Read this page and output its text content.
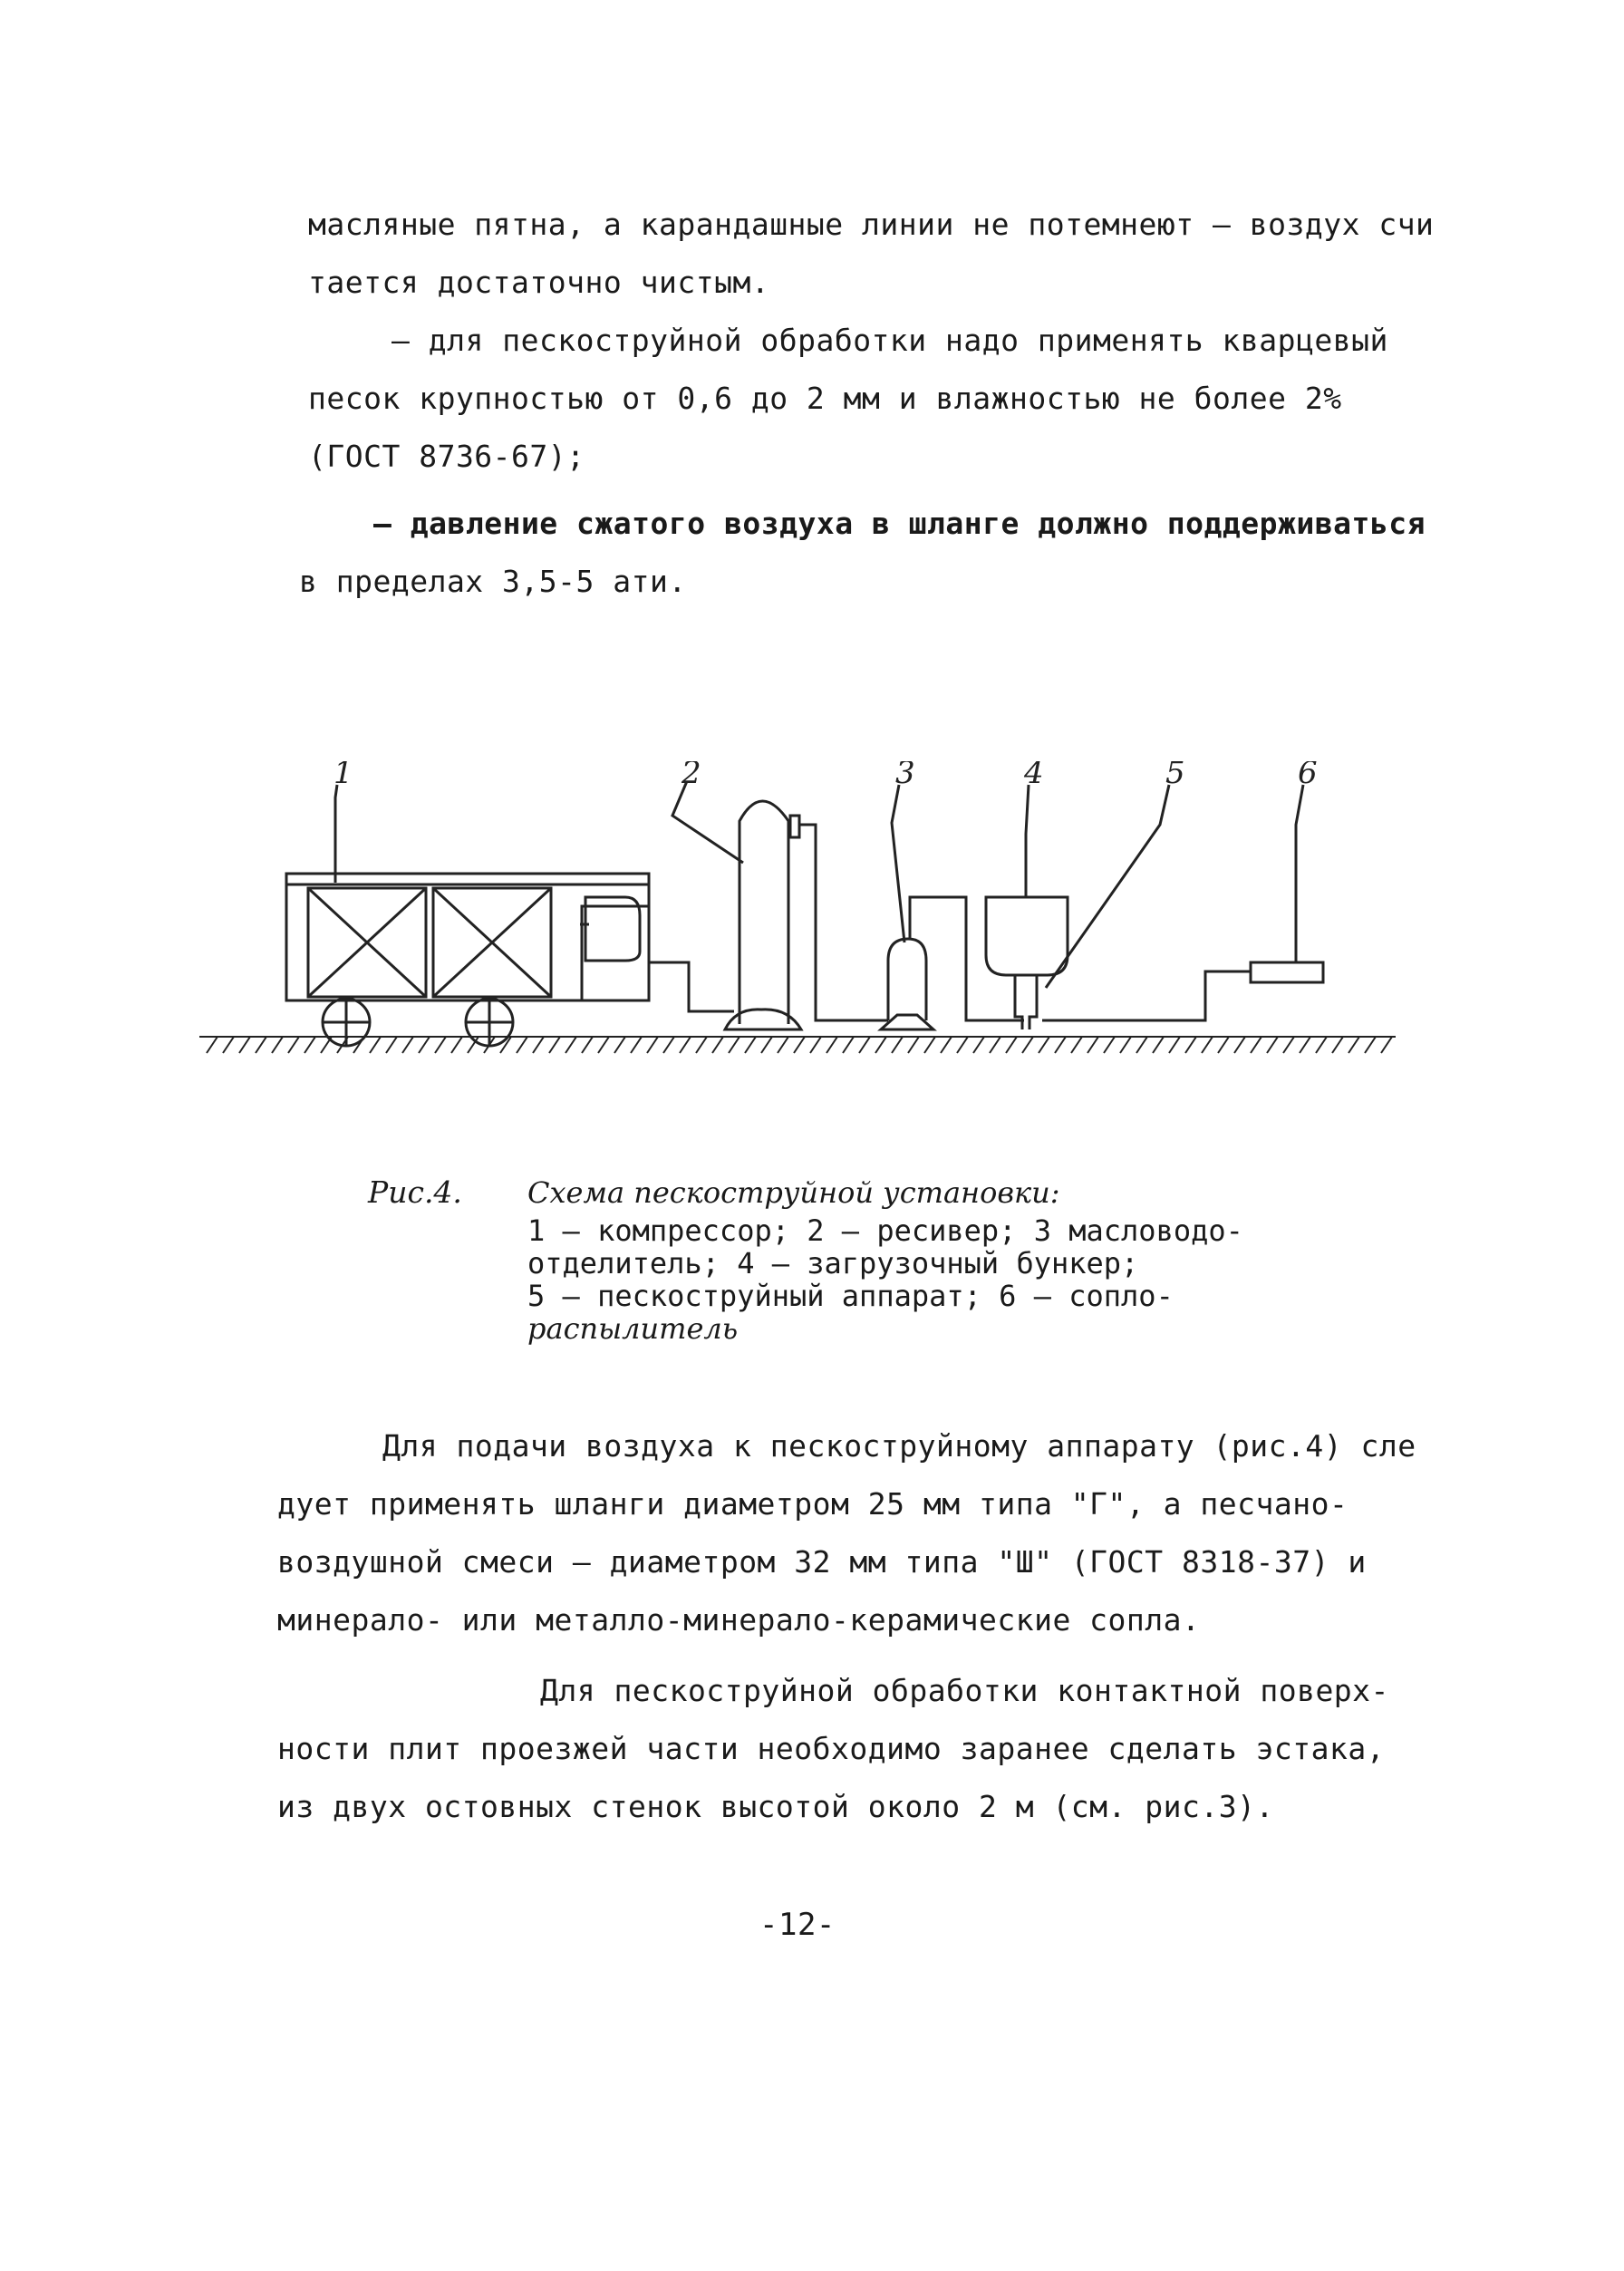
масляные пятна, а карандашные линии не потемнеют – воздух счи
тается достаточно чистым.
– для пескоструйной обработки надо применять кварцевый
песок крупностью от 0,6 до 2 мм и влажностью не более 2%
(ГОСТ 8736-67);
– давление сжатого воздуха в шланге должно поддерживаться
в пределах 3,5-5 ати.
1	2	3	4	5	6
Рис.4. Схема пескоструйной установки:
1 – компрессор; 2 – ресивер; 3 масловодо-
отделитель; 4 – загрузочный бункер;
5 – пескоструйный аппарат; 6 – сопло-
распылитель
Для подачи воздуха к пескоструйному аппарату (рис.4) сле
дует применять шланги диаметром 25 мм типа "Г", а песчано-
воздушной смеси – диаметром 32 мм типа "Ш" (ГОСТ 8318-37) и
минерало- или металло-минерало-керамические сопла.
Для пескоструйной обработки контактной поверх-
ности плит проезжей части необходимо заранее сделать эстака,
из двух остовных стенок высотой около 2 м (см. рис.3).
-12-
